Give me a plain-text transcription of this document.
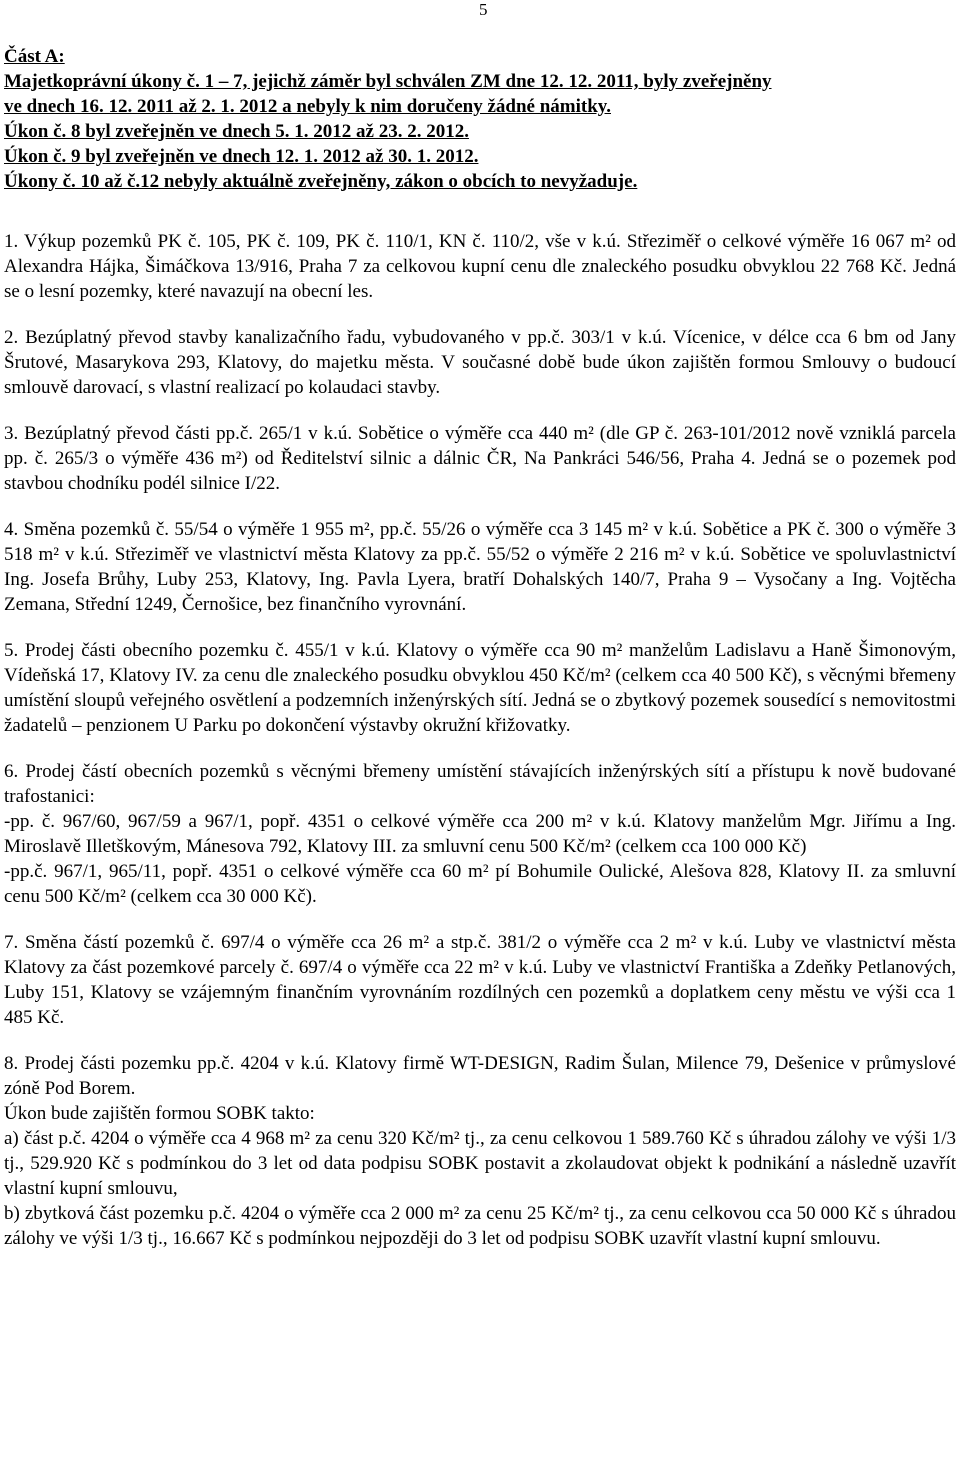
5
Část A:
Majetkoprávní úkony č. 1 – 7, jejichž záměr byl schválen ZM dne 12. 12. 2011, byly zveřejněny
ve dnech 16. 12. 2011 až 2. 1. 2012 a nebyly k nim doručeny žádné námitky.
Úkon č. 8 byl zveřejněn ve dnech 5. 1. 2012 až 23. 2. 2012.
Úkon č. 9 byl zveřejněn ve dnech 12. 1. 2012 až 30. 1. 2012.
Úkony č. 10 až č.12 nebyly aktuálně zveřejněny, zákon o obcích to nevyžaduje.

1. Výkup pozemků PK č. 105, PK č. 109, PK č. 110/1, KN č. 110/2, vše v k.ú. Střeziměř o celkové výměře 16 067 m² od Alexandra Hájka, Šimáčkova 13/916, Praha 7 za celkovou kupní cenu dle znaleckého posudku obvyklou 22 768 Kč. Jedná se o lesní pozemky, které navazují na obecní les.

2. Bezúplatný převod stavby kanalizačního řadu, vybudovaného v pp.č. 303/1 v k.ú. Vícenice, v délce cca 6 bm od Jany Šrutové, Masarykova 293, Klatovy, do majetku města. V současné době bude úkon zajištěn formou Smlouvy o budoucí smlouvě darovací, s vlastní realizací po kolaudaci stavby.

3. Bezúplatný převod části pp.č. 265/1 v k.ú. Sobětice o výměře cca 440 m² (dle GP č. 263-101/2012 nově vzniklá parcela pp. č. 265/3 o výměře 436 m²) od Ředitelství silnic a dálnic ČR, Na Pankráci 546/56, Praha 4. Jedná se o pozemek pod stavbou chodníku podél silnice I/22.

4. Směna pozemků č. 55/54 o výměře 1 955 m², pp.č. 55/26 o výměře cca 3 145 m² v k.ú. Sobětice a PK č. 300 o výměře 3 518 m² v k.ú. Střeziměř ve vlastnictví města Klatovy za pp.č. 55/52 o výměře 2 216 m² v k.ú. Sobětice ve spoluvlastnictví Ing. Josefa Brůhy, Luby 253, Klatovy, Ing. Pavla Lyera, bratří Dohalských 140/7, Praha 9 – Vysočany a Ing. Vojtěcha Zemana, Střední 1249, Černošice, bez finančního vyrovnání.

5. Prodej části obecního pozemku č. 455/1 v k.ú. Klatovy o výměře cca 90 m² manželům Ladislavu a Haně Šimonovým, Vídeňská 17, Klatovy IV. za cenu dle znaleckého posudku obvyklou 450 Kč/m² (celkem cca 40 500 Kč), s věcnými břemeny umístění sloupů veřejného osvětlení a podzemních inženýrských sítí. Jedná se o zbytkový pozemek sousedící s nemovitostmi žadatelů – penzionem U Parku po dokončení výstavby okružní křižovatky.

6. Prodej částí obecních pozemků s věcnými břemeny umístění stávajících inženýrských sítí a přístupu k nově budované trafostanici:

-pp. č. 967/60, 967/59 a 967/1, popř. 4351 o celkové výměře cca 200 m² v k.ú. Klatovy manželům Mgr. Jiřímu a Ing. Miroslavě Illetškovým, Mánesova 792, Klatovy III. za smluvní cenu 500 Kč/m² (celkem cca 100 000 Kč)

-pp.č. 967/1, 965/11, popř. 4351 o celkové výměře cca 60 m² pí Bohumile Oulické, Alešova 828, Klatovy II. za smluvní cenu 500 Kč/m² (celkem cca 30 000 Kč).

7. Směna částí pozemků č. 697/4 o výměře cca 26 m² a stp.č. 381/2 o výměře cca 2 m² v k.ú. Luby ve vlastnictví města Klatovy za část pozemkové parcely č. 697/4 o výměře cca 22 m² v k.ú. Luby ve vlastnictví Františka a Zdeňky Petlanových, Luby 151, Klatovy se vzájemným finančním vyrovnáním rozdílných cen pozemků a doplatkem ceny městu ve výši cca 1 485 Kč.

8. Prodej části pozemku pp.č. 4204 v k.ú. Klatovy firmě WT-DESIGN, Radim Šulan, Milence 79, Dešenice v průmyslové zóně Pod Borem.

Úkon bude zajištěn formou SOBK takto:

a) část p.č. 4204 o výměře cca 4 968 m² za cenu 320 Kč/m² tj., za cenu celkovou 1 589.760 Kč s úhradou zálohy ve výši 1/3 tj., 529.920 Kč s podmínkou do 3 let od data podpisu SOBK postavit a zkolaudovat objekt k podnikání a následně uzavřít vlastní kupní smlouvu,

b) zbytková část pozemku p.č. 4204 o výměře cca 2 000 m² za cenu 25 Kč/m² tj., za cenu celkovou cca 50 000 Kč s úhradou zálohy ve výši 1/3 tj., 16.667 Kč s podmínkou nejpozději do 3 let od podpisu SOBK uzavřít vlastní kupní smlouvu.
